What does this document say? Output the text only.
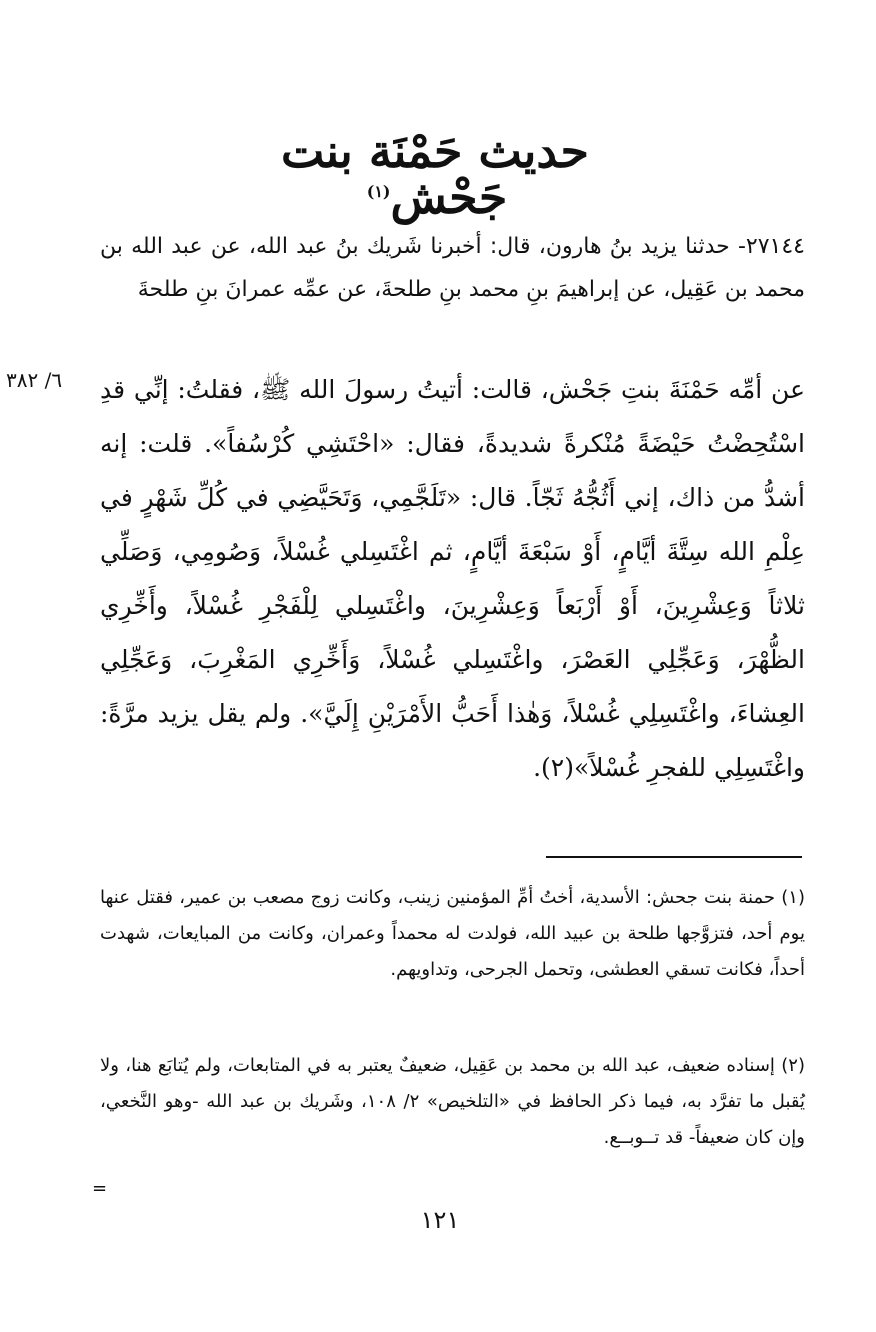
حديث حَمْنَة بنت جَحْش$^{(١)}$
٢٧١٤٤- حدثنا يزيد بنُ هارون، قال: أخبرنا شَريك بنُ عبد الله، عن عبد الله بن محمد بن عَقِيل، عن إبراهيمَ بنِ محمد بنِ طلحةَ، عن عمِّه عمرانَ بنِ طلحةَ
٦/ ٣٨٢	عن أمِّه حَمْنَةَ بنتِ جَحْش، قالت: أتيتُ رسولَ الله ﷺ، فقلتُ: إنِّي قدِ اسْتُحِضْتُ حَيْضَةً مُنْكرةً شديدةً، فقال: «احْتَشِي كُرْسُفاً». قلت: إنه أشدُّ من ذاك، إني أَثُجُّهُ ثَجّاً. قال: «تَلَجَّمِي، وَتَحَيَّضِي في كُلِّ شَهْرٍ في عِلْمِ الله سِتَّةَ أيَّامٍ، أَوْ سَبْعَةَ أيَّامٍ، ثم اغْتَسِلي غُسْلاً، وَصُومِي، وَصَلِّي ثلاثاً وَعِشْرِينَ، أَوْ أَرْبَعاً وَعِشْرِينَ، واغْتَسِلي لِلْفَجْرِ غُسْلاً، وأَخِّرِي الظُّهْرَ، وَعَجِّلِي العَصْرَ، واغْتَسِلي غُسْلاً، وَأَخِّرِي المَغْرِبَ، وَعَجِّلِي العِشاءَ، واغْتَسِلِي غُسْلاً، وَهٰذا أَحَبُّ الأَمْرَيْنِ إِلَيَّ». ولم يقل يزيد مرَّةً: واغْتَسِلِي للفجرِ غُسْلاً»(٢).
(١) حمنة بنت جحش: الأسدية، أختُ أمِّ المؤمنين زينب، وكانت زوج مصعب بن عمير، فقتل عنها يوم أحد، فتزوَّجها طلحة بن عبيد الله، فولدت له محمداً وعمران، وكانت من المبايعات، شهدت أحداً، فكانت تسقي العطشى، وتحمل الجرحى، وتداويهم.
(٢) إسناده ضعيف، عبد الله بن محمد بن عَقِيل، ضعيفٌ يعتبر به في المتابعات، ولم يُتابَع هنا، ولا يُقبل ما تفرَّد به، فيما ذكر الحافظ في «التلخيص» ٢/ ١٠٨، وشَريك بن عبد الله -وهو النَّخعي، وإن كان ضعيفاً- قد تــوبــع.
=
١٢١
